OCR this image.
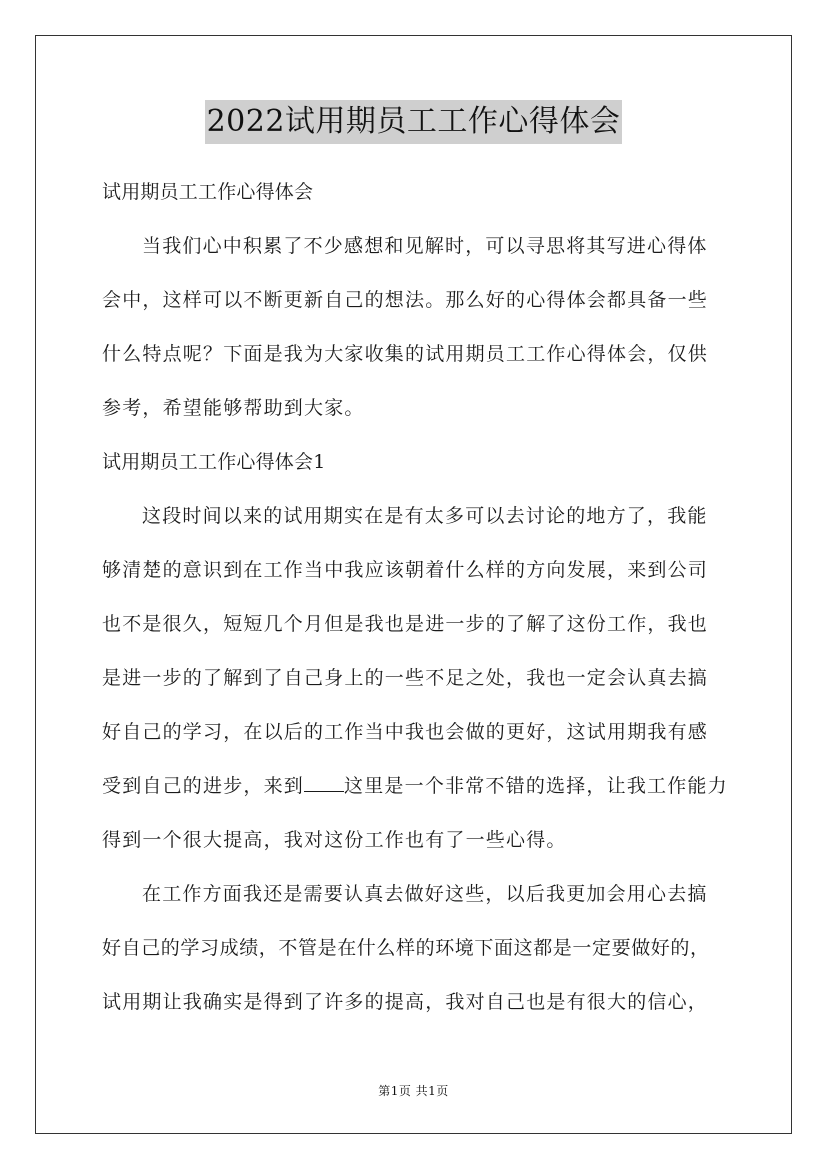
2022试用期员工工作心得体会
试用期员工工作心得体会
当我们心中积累了不少感想和见解时，可以寻思将其写进心得体
会中，这样可以不断更新自己的想法。那么好的心得体会都具备一些
什么特点呢？下面是我为大家收集的试用期员工工作心得体会，仅供
参考，希望能够帮助到大家。
试用期员工工作心得体会1
这段时间以来的试用期实在是有太多可以去讨论的地方了，我能
够清楚的意识到在工作当中我应该朝着什么样的方向发展，来到公司
也不是很久，短短几个月但是我也是进一步的了解了这份工作，我也
是进一步的了解到了自己身上的一些不足之处，我也一定会认真去搞
好自己的学习，在以后的工作当中我也会做的更好，这试用期我有感
受到自己的进步，来到 这里是一个非常不错的选择，让我工作能力
得到一个很大提高，我对这份工作也有了一些心得。
在工作方面我还是需要认真去做好这些，以后我更加会用心去搞
好自己的学习成绩，不管是在什么样的环境下面这都是一定要做好的，
试用期让我确实是得到了许多的提高，我对自己也是有很大的信心，
第1页 共1页
